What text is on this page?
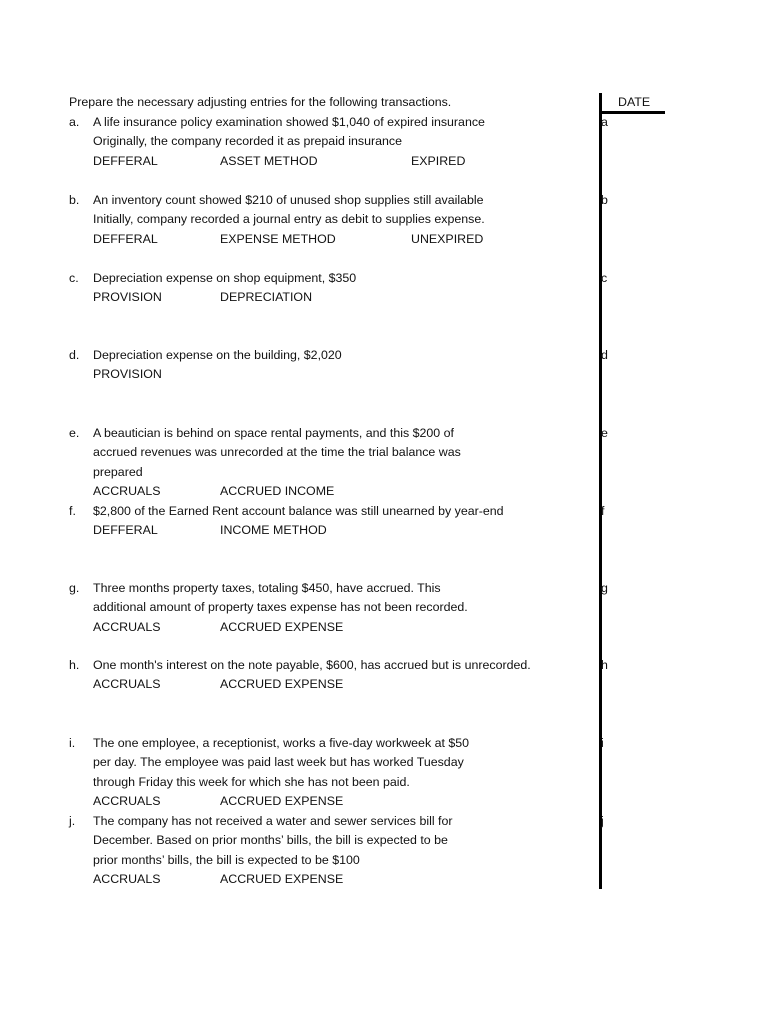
Prepare the necessary adjusting entries for the following transactions.	DATE
a. A life insurance policy examination showed $1,040 of expired insurance
Originally, the company recorded it as prepaid insurance
DEFFERAL	ASSET METHOD	EXPIRED
a
b. An inventory count showed $210 of unused shop supplies still available
Initially, company recorded a journal entry as debit to supplies expense.
DEFFERAL	EXPENSE METHOD	UNEXPIRED
b
c. Depreciation expense on shop equipment, $350
PROVISION	DEPRECIATION
c
d. Depreciation expense on the building, $2,020
PROVISION
d
e. A beautician is behind on space rental payments, and this $200 of
accrued revenues was unrecorded at the time the trial balance was
prepared
ACCRUALS	ACCRUED INCOME
e
f. $2,800 of the Earned Rent account balance was still unearned by year-end
DEFFERAL	INCOME METHOD
f
g. Three months property taxes, totaling $450, have accrued. This
additional amount of property taxes expense has not been recorded.
ACCRUALS	ACCRUED EXPENSE
g
h. One month's interest on the note payable, $600, has accrued but is unrecorded.
ACCRUALS	ACCRUED EXPENSE
h
i. The one employee, a receptionist, works a five-day workweek at $50
per day. The employee was paid last week but has worked Tuesday
through Friday this week for which she has not been paid.
ACCRUALS	ACCRUED EXPENSE
i
j. The company has not received a water and sewer services bill for
December. Based on prior months’ bills, the bill is expected to be
prior months’ bills, the bill is expected to be $100
ACCRUALS	ACCRUED EXPENSE
j
